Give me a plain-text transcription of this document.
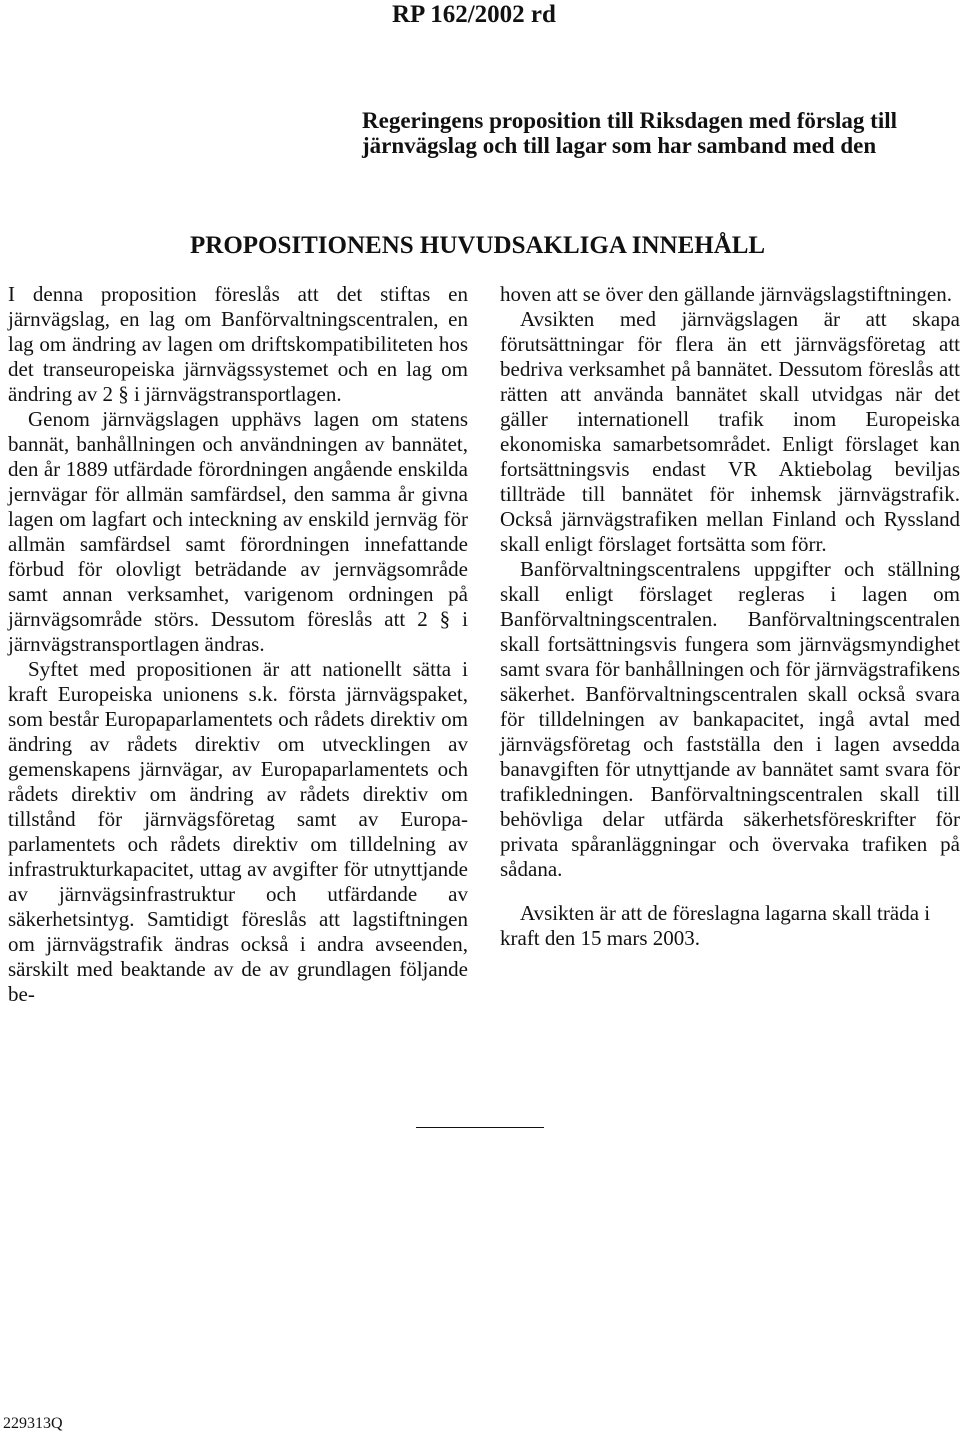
RP 162/2002 rd
Regeringens proposition till Riksdagen med förslag till järnvägslag och till lagar som har samband med den
PROPOSITIONENS HUVUDSAKLIGA INNEHÅLL

I denna proposition föreslås att det stiftas en järnvägslag, en lag om Banförvaltningscentralen, en lag om ändring av lagen om driftskompatibiliteten hos det transeuropeiska järnvägssystemet och en lag om ändring av 2 § i järnvägstransportlagen.

Genom järnvägslagen upphävs lagen om statens bannät, banhållningen och användningen av bannätet, den år 1889 utfärdade förordningen angående enskilda jernvägar för allmän samfärdsel, den samma år givna lagen om lagfart och inteckning av enskild jernväg för allmän samfärdsel samt förordningen innefattande förbud för olovligt beträdande av jernvägsområde samt annan verksamhet, varigenom ordningen på järnvägsområde störs. Dessutom föreslås att 2 § i järnvägstransportlagen ändras.

Syftet med propositionen är att nationellt sätta i kraft Europeiska unionens s.k. första järnvägspaket, som består Europaparlamentets och rådets direktiv om ändring av rådets direktiv om utvecklingen av gemenskapens järnvägar, av Europaparlamentets och rådets direktiv om ändring av rådets direktiv om tillstånd för järnvägsföretag samt av Europaparlamentets och rådets direktiv om tilldelning av infrastrukturkapacitet, uttag av avgifter för utnyttjande av järnvägsinfrastruktur och utfärdande av säkerhetsintyg. Samtidigt föreslås att lagstiftningen om järnvägstrafik ändras också i andra avseenden, särskilt med beaktande av de av grundlagen följande be-

hoven att se över den gällande järnvägslagstiftningen.

Avsikten med järnvägslagen är att skapa förutsättningar för flera än ett järnvägsföretag att bedriva verksamhet på bannätet. Dessutom föreslås att rätten att använda bannätet skall utvidgas när det gäller internationell trafik inom Europeiska ekonomiska samarbetsområdet. Enligt förslaget kan fortsättningsvis endast VR Aktiebolag beviljas tillträde till bannätet för inhemsk järnvägstrafik. Också järnvägstrafiken mellan Finland och Ryssland skall enligt förslaget fortsätta som förr.

Banförvaltningscentralens uppgifter och ställning skall enligt förslaget regleras i lagen om Banförvaltningscentralen. Banförvaltningscentralen skall fortsättningsvis fungera som järnvägsmyndighet samt svara för banhållningen och för järnvägstrafikens säkerhet. Banförvaltningscentralen skall också svara för tilldelningen av bankapacitet, ingå avtal med järnvägsföretag och fastställa den i lagen avsedda banavgiften för utnyttjande av bannätet samt svara för trafikledningen. Banförvaltningscentralen skall till behövliga delar utfärda säkerhetsföreskrifter för privata spåranläggningar och övervaka trafiken på sådana.

Avsikten är att de föreslagna lagarna skall träda i kraft den 15 mars 2003.

229313Q
